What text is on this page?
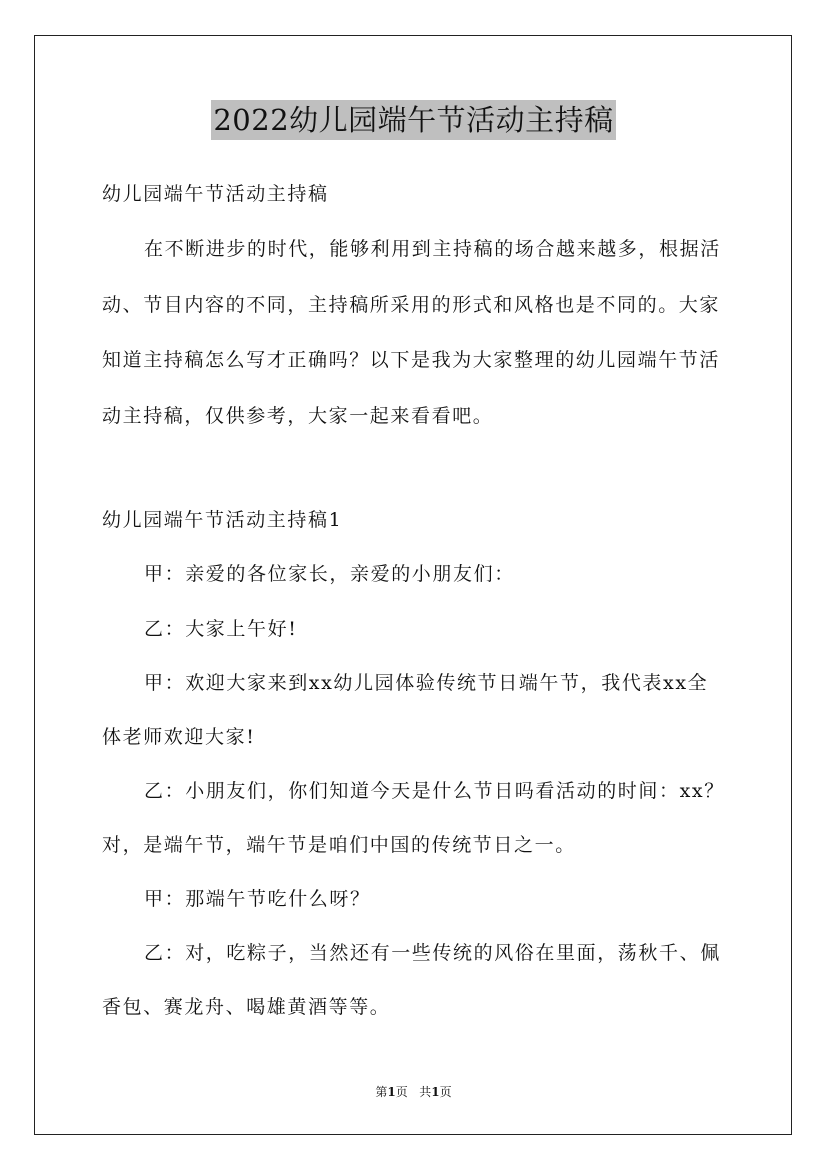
2022幼儿园端午节活动主持稿
幼儿园端午节活动主持稿
在不断进步的时代，能够利用到主持稿的场合越来越多，根据活
动、节目内容的不同，主持稿所采用的形式和风格也是不同的。大家
知道主持稿怎么写才正确吗？以下是我为大家整理的幼儿园端午节活
动主持稿，仅供参考，大家一起来看看吧。
幼儿园端午节活动主持稿1
甲：亲爱的各位家长，亲爱的小朋友们：
乙：大家上午好!
甲：欢迎大家来到xx幼儿园体验传统节日端午节，我代表xx全
体老师欢迎大家!
乙：小朋友们，你们知道今天是什么节日吗看活动的时间：xx？
对，是端午节，端午节是咱们中国的传统节日之一。
甲：那端午节吃什么呀？
乙：对，吃粽子，当然还有一些传统的风俗在里面，荡秋千、佩
香包、赛龙舟、喝雄黄酒等等。
第1页 共1页
